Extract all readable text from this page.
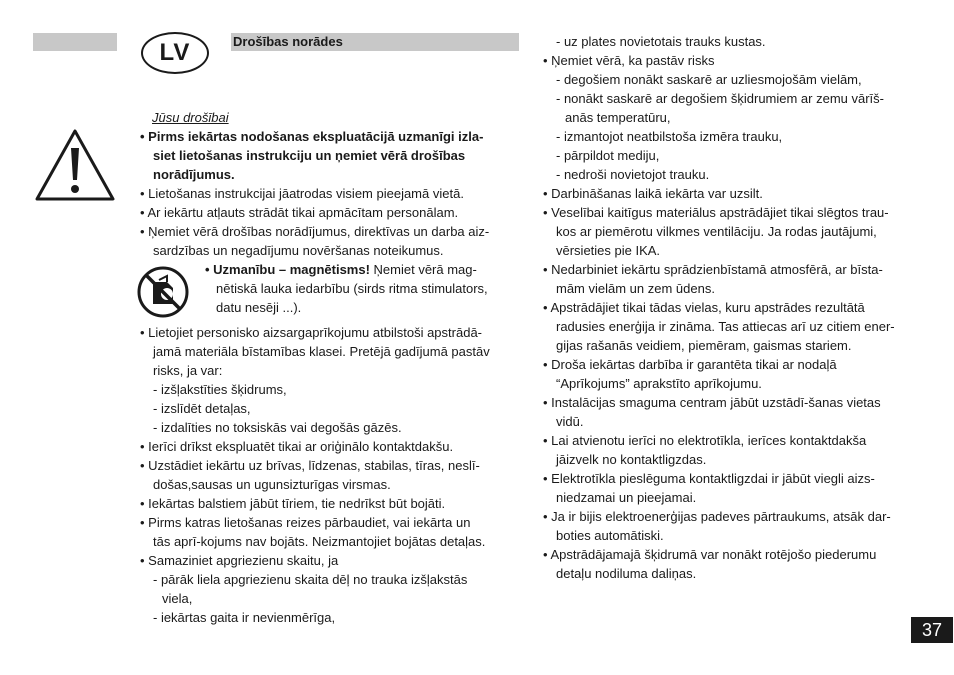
LV	Drošības norādes
Jūsu drošībai
• Pirms iekārtas nodošanas ekspluatācijā uzmanīgi izla-
siet lietošanas instrukciju un ņemiet vērā drošības
norādījumus.
• Lietošanas instrukcijai jāatrodas visiem pieejamā vietā.
• Ar iekārtu atļauts strādāt tikai apmācītam personālam.
• Ņemiet vērā drošības norādījumus, direktīvas un darba aiz-
sardzības un negadījumu novēršanas noteikumus.
• Uzmanību – magnētisms! Ņemiet vērā mag-
nētiskā lauka iedarbību (sirds ritma stimulators,
datu nesēji ...).
• Lietojiet personisko aizsargaprīkojumu atbilstoši apstrādā-
jamā materiāla bīstamības klasei. Pretējā gadījumā pastāv
risks, ja var:
- izšļakstīties šķidrums,
- izslīdēt detaļas,
- izdalīties no toksiskās vai degošās gāzēs.
• Ierīci drīkst ekspluatēt tikai ar oriģinālo kontaktdakšu.
• Uzstādiet iekārtu uz brīvas, līdzenas, stabilas, tīras, neslī-
došas,sausas un ugunsizturīgas virsmas.
• Iekārtas balstiem jābūt tīriem, tie nedrīkst būt bojāti.
• Pirms katras lietošanas reizes pārbaudiet, vai iekārta un
tās aprī-kojums nav bojāts. Neizmantojiet bojātas detaļas.
• Samaziniet apgriezienu skaitu, ja
- pārāk liela apgriezienu skaita dēļ no trauka izšļakstās
viela,
- iekārtas gaita ir nevienmērīga,
- uz plates novietotais trauks kustas.
• Ņemiet vērā, ka pastāv risks
- degošiem nonākt saskarē ar uzliesmojošām vielām,
- nonākt saskarē ar degošiem šķidrumiem ar zemu vārīš-
anās temperatūru,
- izmantojot neatbilstoša izmēra trauku,
- pārpildot mediju,
- nedroši novietojot trauku.
• Darbināšanas laikā iekārta var uzsilt.
• Veselībai kaitīgus materiālus apstrādājiet tikai slēgtos trau-
kos ar piemērotu vilkmes ventilāciju. Ja rodas jautājumi,
vērsieties pie IKA.
• Nedarbiniet iekārtu sprādzienbīstamā atmosfērā, ar bīsta-
mām vielām un zem ūdens.
• Apstrādājiet tikai tādas vielas, kuru apstrādes rezultātā
radusies enerģija ir zināma. Tas attiecas arī uz citiem ener-
gijas rašanās veidiem, piemēram, gaismas stariem.
• Droša iekārtas darbība ir garantēta tikai ar nodaļā
“Aprīkojums” aprakstīto aprīkojumu.
• Instalācijas smaguma centram jābūt uzstādī-šanas vietas
vidū.
• Lai atvienotu ierīci no elektrotīkla, ierīces kontaktdakša
jāizvelk no kontaktligzdas.
• Elektrotīkla pieslēguma kontaktligzdai ir jābūt viegli aizs-
niedzamai un pieejamai.
• Ja ir bijis elektroenerģijas padeves pārtraukums, atsāk dar-
boties automātiski.
• Apstrādājamajā šķidrumā var nonākt rotējošo piederumu
detaļu nodiluma daliņas.
37
